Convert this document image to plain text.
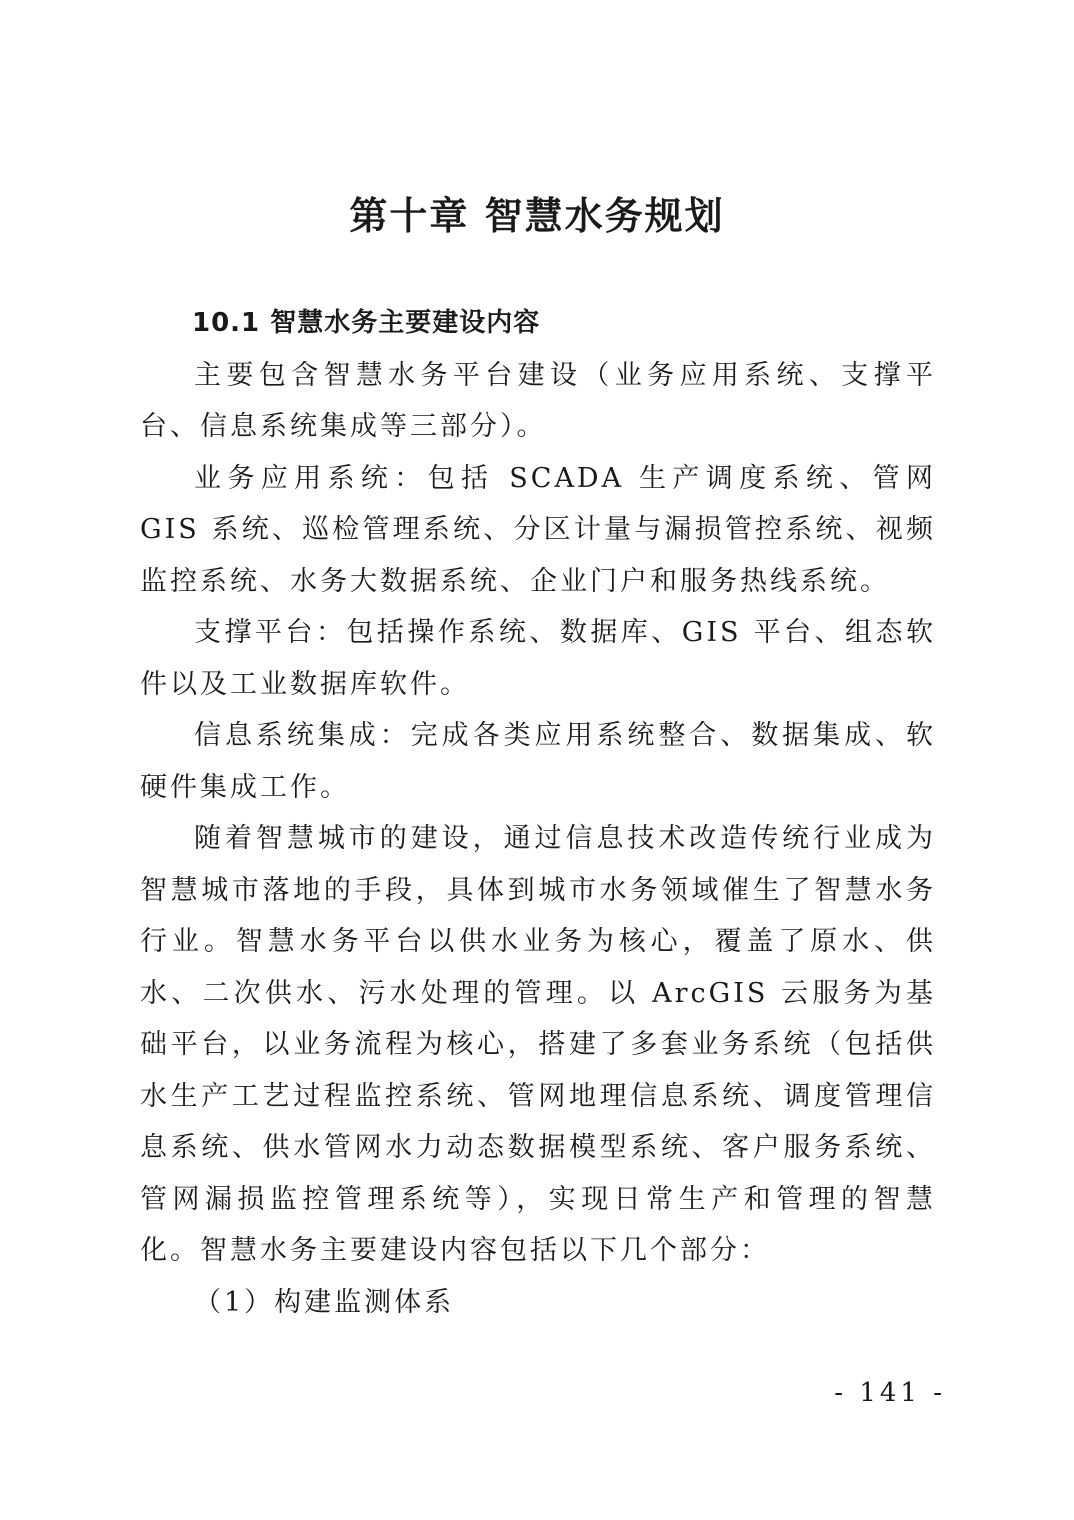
第十章 智慧水务规划

10.1 智慧水务主要建设内容

主要包含智慧水务平台建设（业务应用系统、支撑平台、信息系统集成等三部分）。

业务应用系统：包括 SCADA 生产调度系统、管网 GIS 系统、巡检管理系统、分区计量与漏损管控系统、视频监控系统、水务大数据系统、企业门户和服务热线系统。

支撑平台：包括操作系统、数据库、GIS 平台、组态软件以及工业数据库软件。

信息系统集成：完成各类应用系统整合、数据集成、软硬件集成工作。

随着智慧城市的建设，通过信息技术改造传统行业成为智慧城市落地的手段，具体到城市水务领域催生了智慧水务行业。智慧水务平台以供水业务为核心，覆盖了原水、供水、二次供水、污水处理的管理。以 ArcGIS 云服务为基础平台，以业务流程为核心，搭建了多套业务系统（包括供水生产工艺过程监控系统、管网地理信息系统、调度管理信息系统、供水管网水力动态数据模型系统、客户服务系统、管网漏损监控管理系统等），实现日常生产和管理的智慧化。智慧水务主要建设内容包括以下几个部分：

（1）构建监测体系

- 141 -
